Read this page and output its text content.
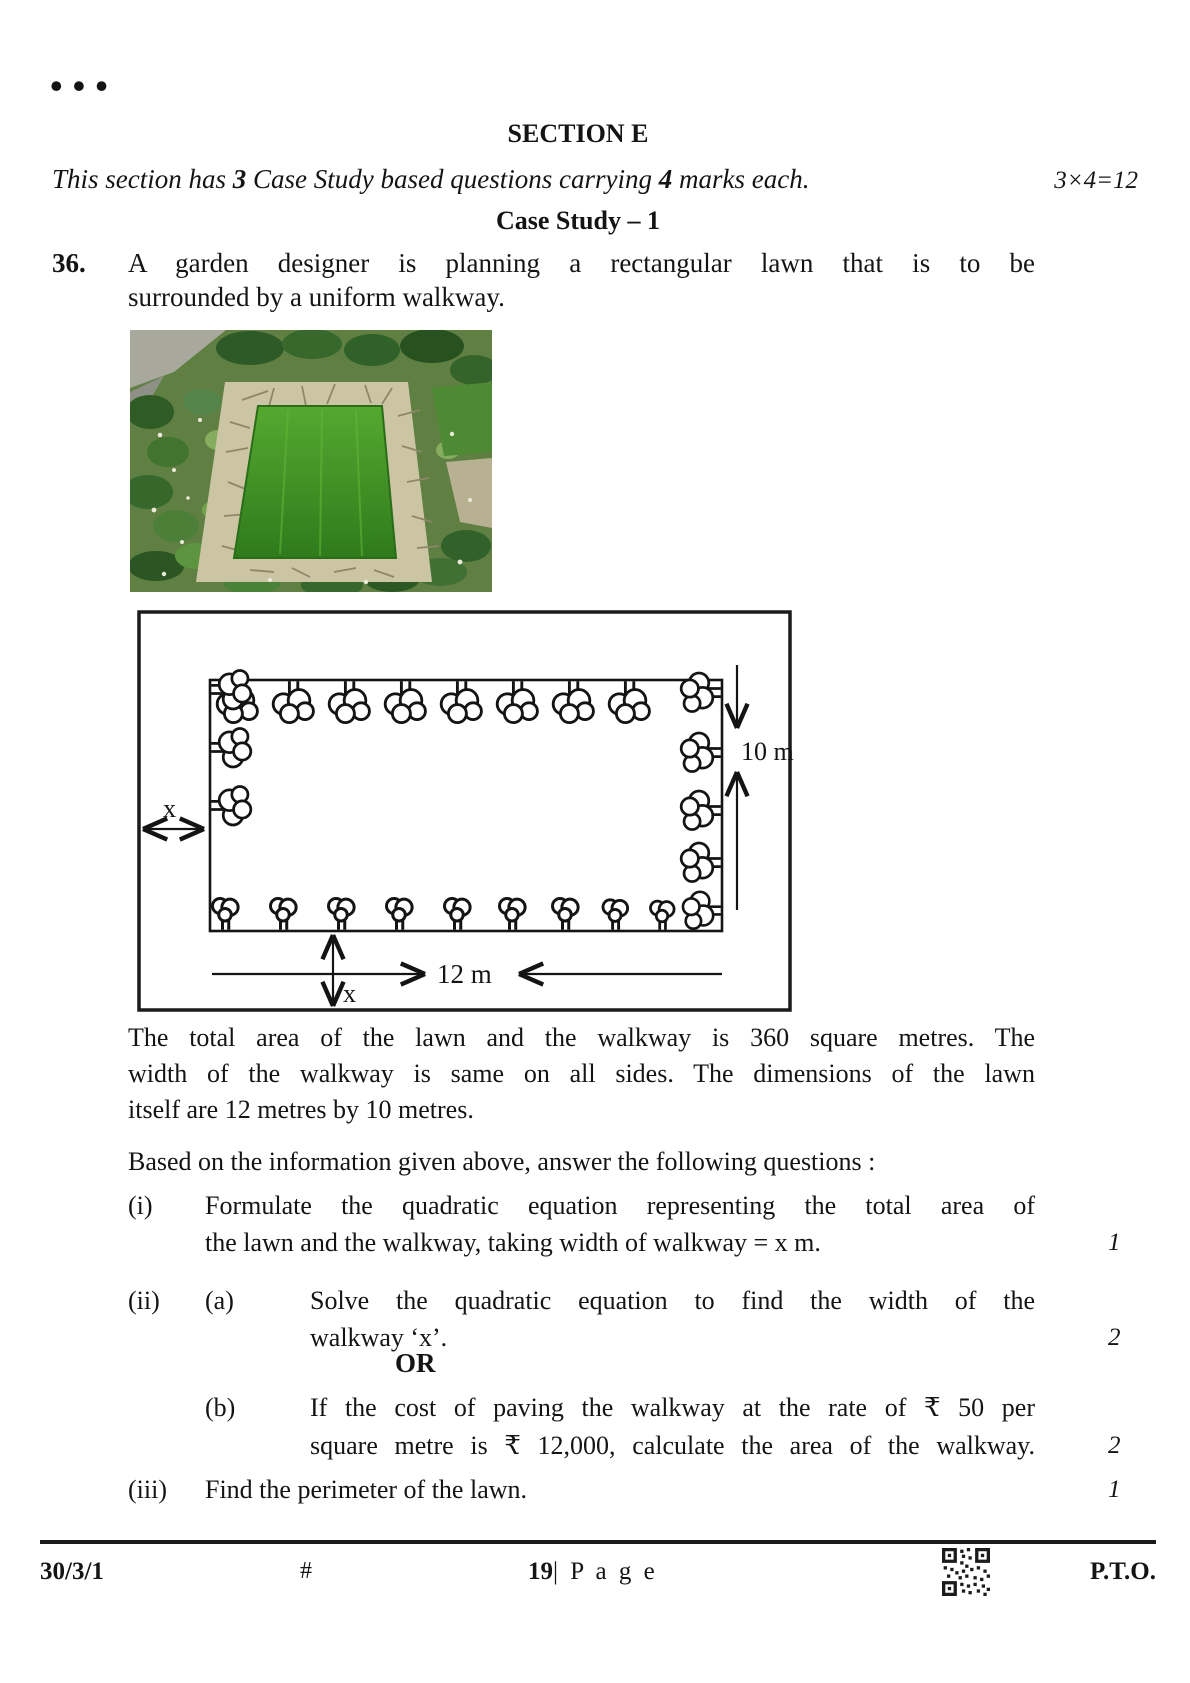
•••
SECTION E
This section has 3 Case Study based questions carrying 4 marks each.	3×4=12
Case Study – 1
36. A garden designer is planning a rectangular lawn that is to be
surrounded by a uniform walkway.
x
10 m
12 m
x
The total area of the lawn and the walkway is 360 square metres. The
width of the walkway is same on all sides. The dimensions of the lawn
itself are 12 metres by 10 metres.
Based on the information given above, answer the following questions :
(i) Formulate the quadratic equation representing the total area of
the lawn and the walkway, taking width of walkway = x m.	1
(ii) (a)	Solve the quadratic equation to find the width of the
walkway ‘x’.	2
OR
(b)	If the cost of paving the walkway at the rate of ₹ 50 per
square metre is ₹ 12,000, calculate the area of the walkway.	2
(iii) Find the perimeter of the lawn.	1
30/3/1	#	19| P a g e	P.T.O.
